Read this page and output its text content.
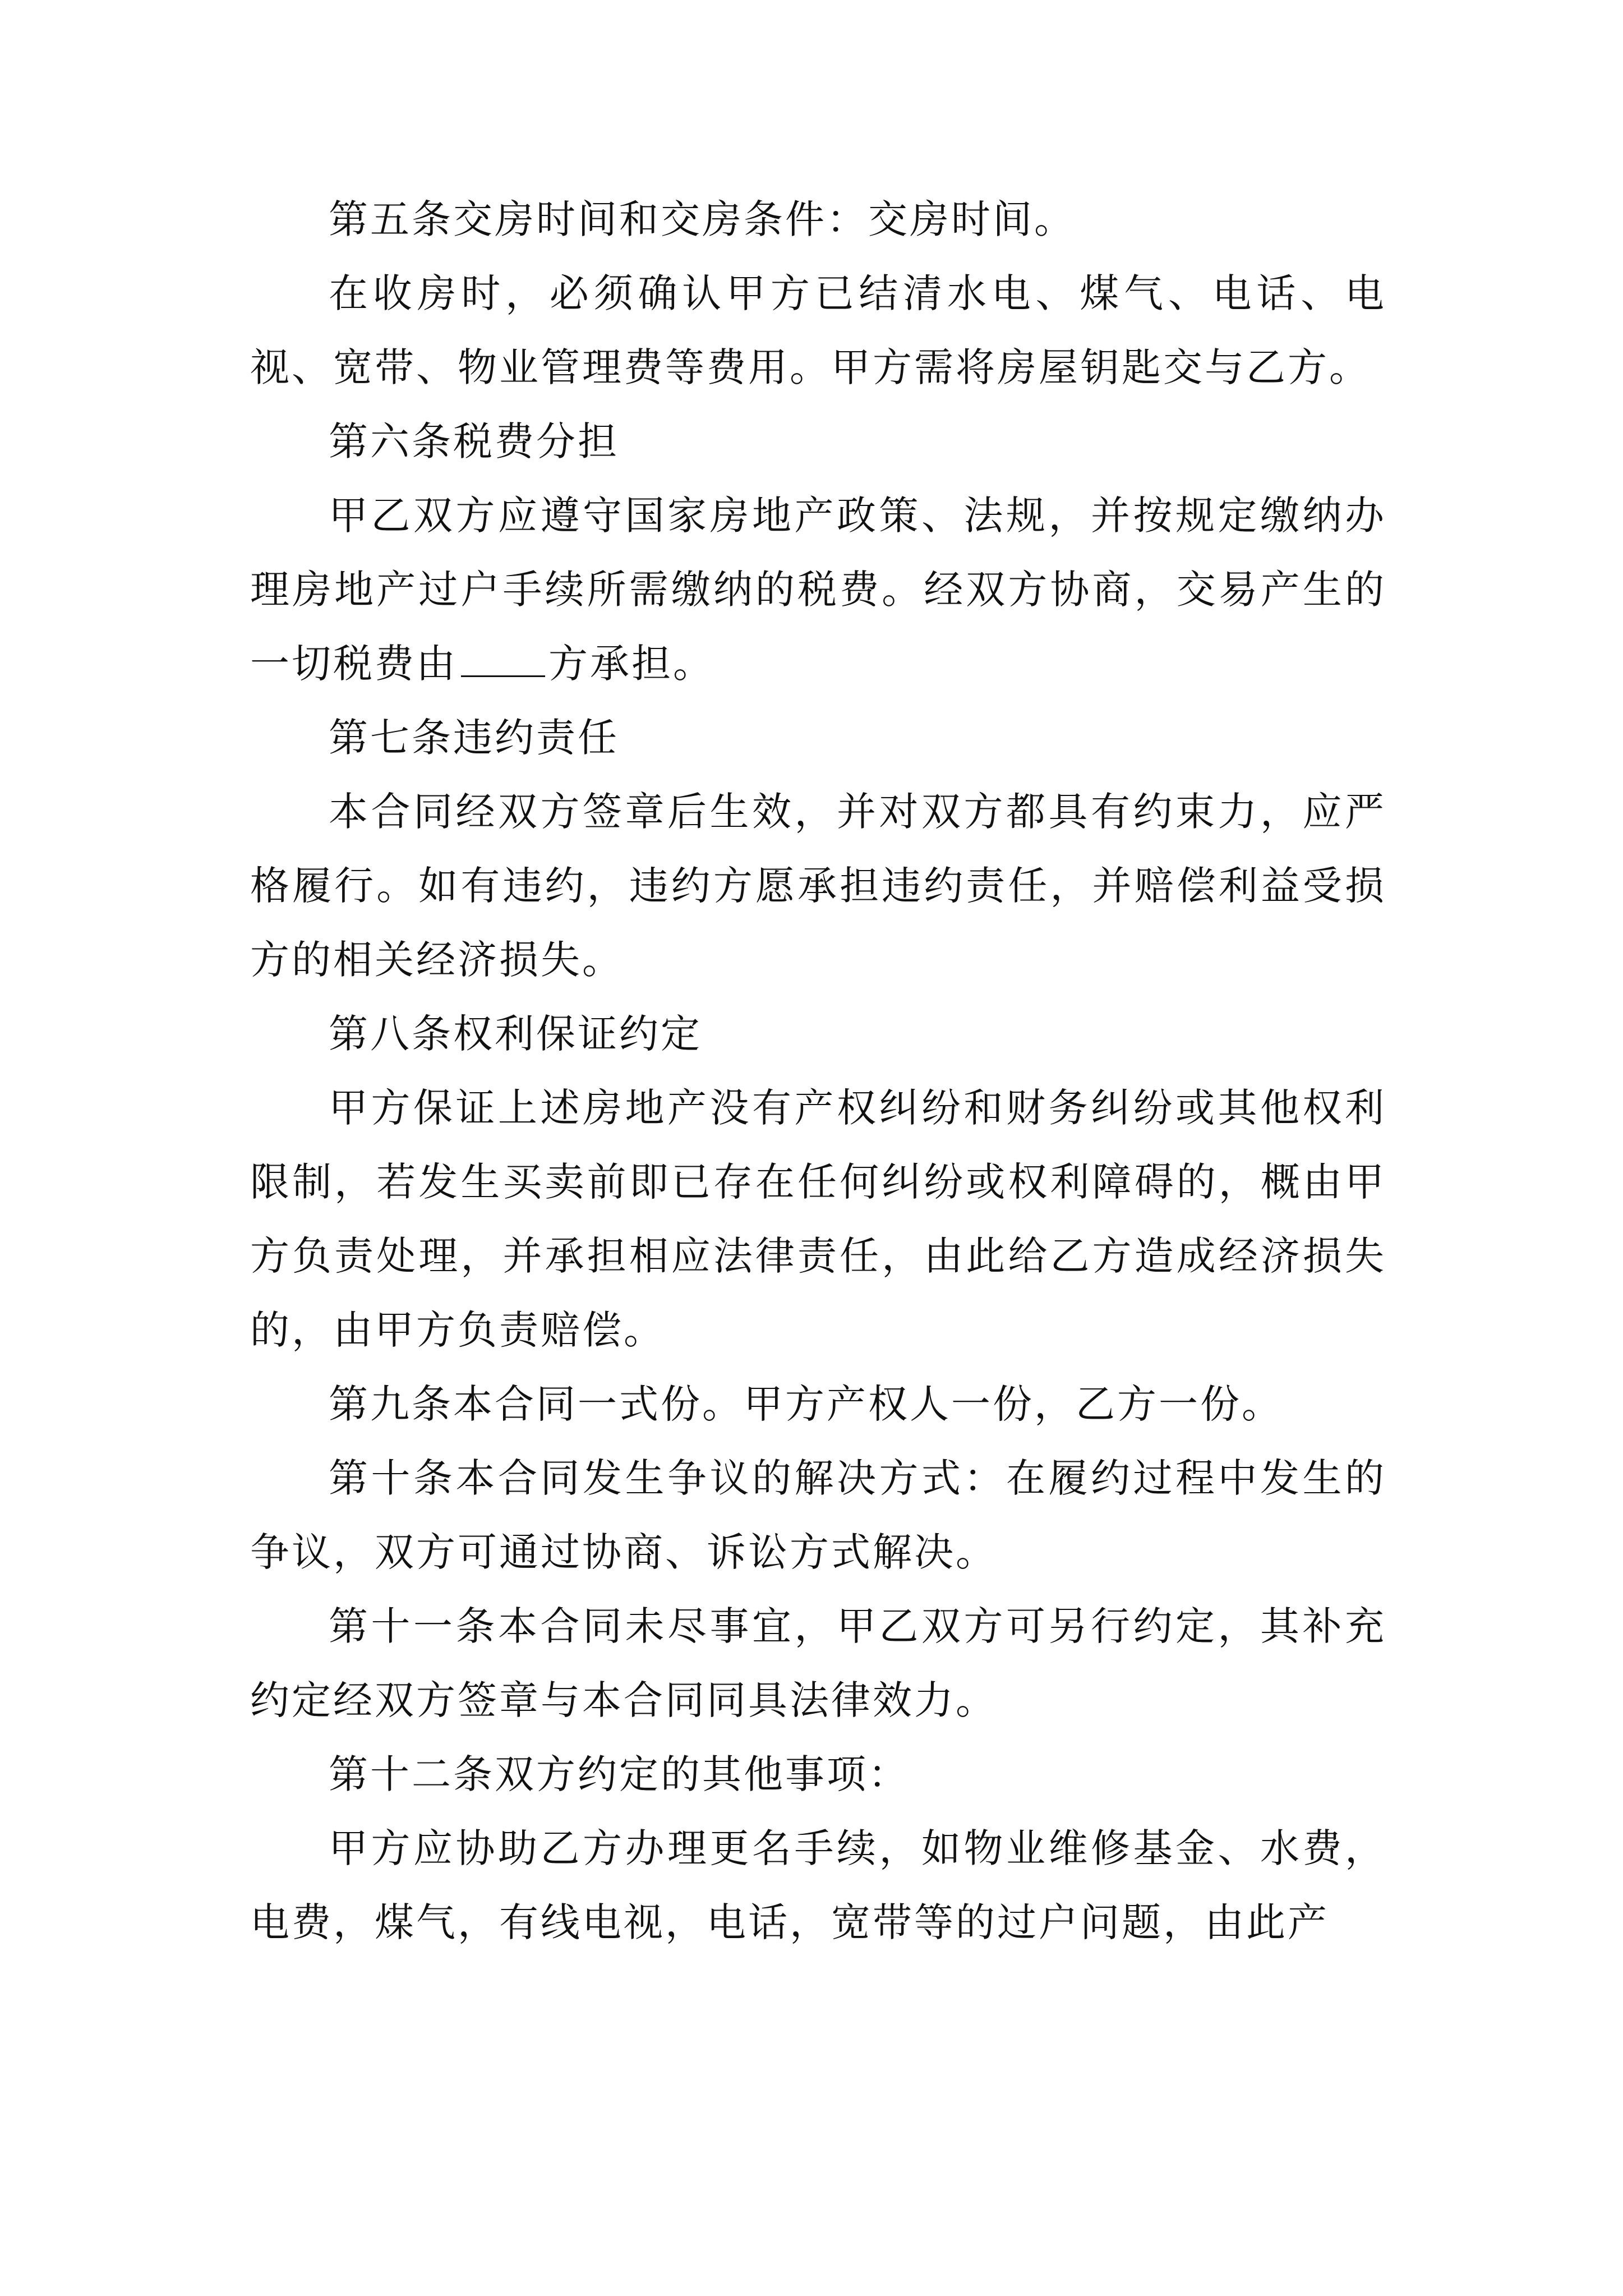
第五条交房时间和交房条件：交房时间。

在收房时，必须确认甲方已结清水电、煤气、电话、电视、宽带、物业管理费等费用。甲方需将房屋钥匙交与乙方。

第六条税费分担

甲乙双方应遵守国家房地产政策、法规，并按规定缴纳办理房地产过户手续所需缴纳的税费。经双方协商，交易产生的一切税费由 方承担。

第七条违约责任

本合同经双方签章后生效，并对双方都具有约束力，应严格履行。如有违约，违约方愿承担违约责任，并赔偿利益受损方的相关经济损失。

第八条权利保证约定

甲方保证上述房地产没有产权纠纷和财务纠纷或其他权利限制，若发生买卖前即已存在任何纠纷或权利障碍的，概由甲方负责处理，并承担相应法律责任，由此给乙方造成经济损失的，由甲方负责赔偿。

第九条本合同一式份。甲方产权人一份，乙方一份。

第十条本合同发生争议的解决方式：在履约过程中发生的争议，双方可通过协商、诉讼方式解决。

第十一条本合同未尽事宜，甲乙双方可另行约定，其补充约定经双方签章与本合同同具法律效力。

第十二条双方约定的其他事项：

甲方应协助乙方办理更名手续，如物业维修基金、水费，电费，煤气，有线电视，电话，宽带等的过户问题，由此产
